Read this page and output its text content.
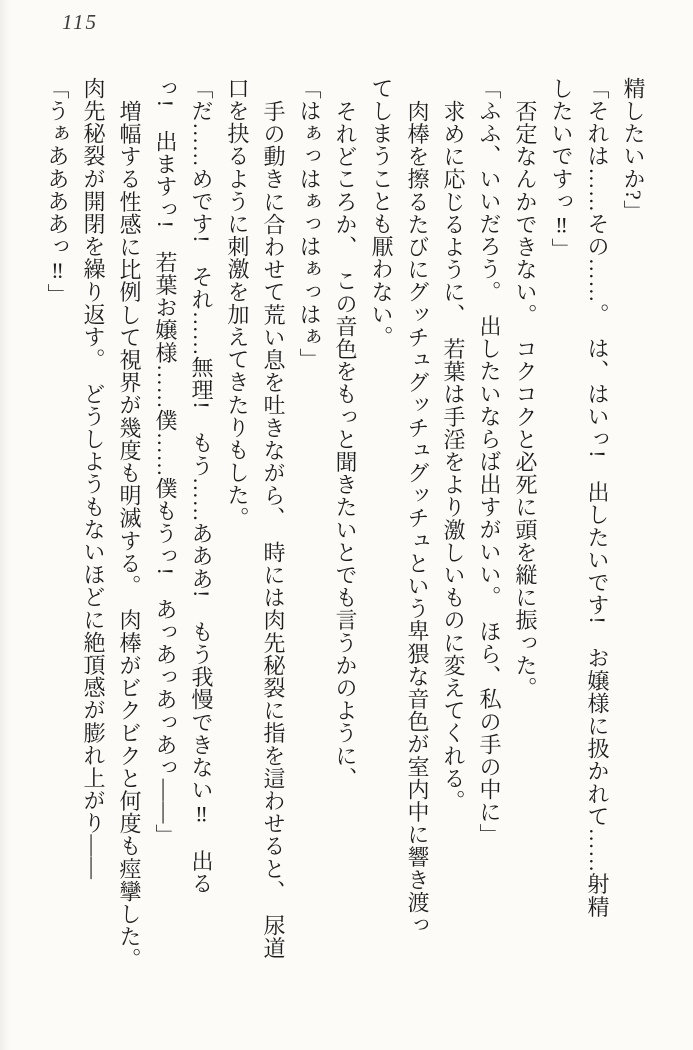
115

精したいか?」

「それは……その……。　は、はいっ!　出したいです!　お嬢様に扱かれて……射精

したいですっ‼」

否定なんかできない。　コクコクと必死に頭を縦に振った。

「ふふ、いいだろう。　出したいならば出すがいい。　ほら、私の手の中に」

求めに応じるように、　若葉は手淫をより激しいものに変えてくれる。

肉棒を擦るたびにグッチュグッチュグッチュという卑猥な音色が室内中に響き渡っ

てしまうことも厭わない。

それどころか、　この音色をもっと聞きたいとでも言うかのように、

「はぁっはぁっはぁっはぁ」

手の動きに合わせて荒い息を吐きながら、　時には肉先秘裂に指を這わせると、　尿道

口を抉るように刺激を加えてきたりもした。

「だ……めです!　それ……無理!　もう……あああ!　もう我慢できない‼　出る

っ!　出ますっ!　若葉お嬢様……僕……僕もうっ!　あっあっあっあっ——」

増幅する性感に比例して視界が幾度も明滅する。　肉棒がビクビクと何度も痙攣した。

肉先秘裂が開閉を繰り返す。　どうしようもないほどに絶頂感が膨れ上がり——

「うぁああああっ‼」
